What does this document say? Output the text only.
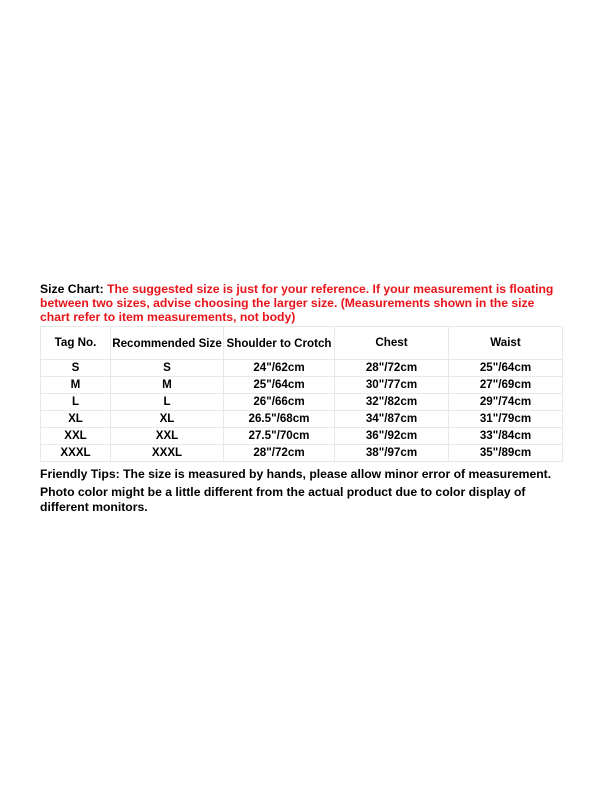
Size Chart: The suggested size is just for your reference. If your measurement is floating between two sizes, advise choosing the larger size. (Measurements shown in the size chart refer to item measurements, not body)

Tag No.	Recommended Size	Shoulder to Crotch	Chest	Waist
S	S	24"/62cm	28"/72cm	25"/64cm
M	M	25"/64cm	30"/77cm	27"/69cm
L	L	26"/66cm	32"/82cm	29"/74cm
XL	XL	26.5"/68cm	34"/87cm	31"/79cm
XXL	XXL	27.5"/70cm	36"/92cm	33"/84cm
XXXL	XXXL	28"/72cm	38"/97cm	35"/89cm

Friendly Tips: The size is measured by hands, please allow minor error of measurement.

Photo color might be a little different from the actual product due to color display of different monitors.
